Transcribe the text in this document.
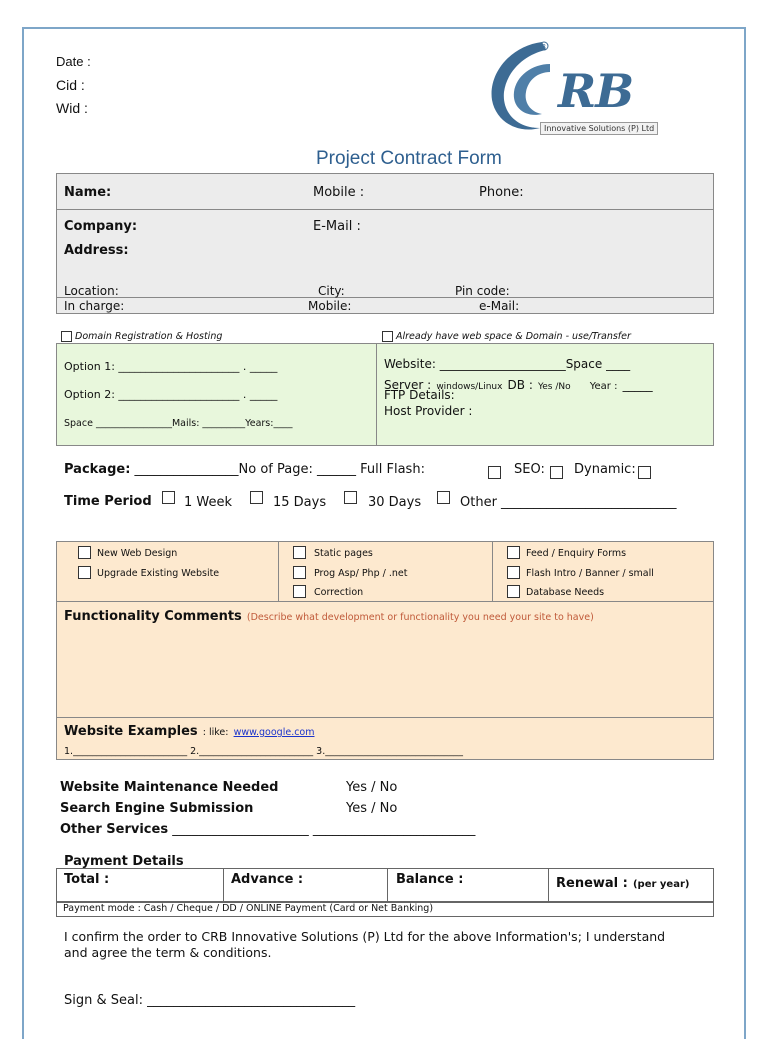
Date :
Cid :
Wid :
R
RB
Innovative Solutions (P) Ltd
Project Contract Form
Name:	Mobile :	Phone:
Company:	E-Mail :
Address:
Location:	City:	Pin code:
In charge:	Mobile:	e-Mail:
Domain Registration & Hosting	Already have web space & Domain - use/Transfer
Option 1: ______________________ . _____
Option 2: ______________________ . _____
Space ________________Mails: _________Years:____
Website: _____________________Space ____
Server : windows/Linux DB : Yes /No Year : _____
FTP Details:
Host Provider :
Package: ________________No of Page: ______ Full Flash:	SEO: Dynamic:
Time Period 1 Week	15 Days	30 Days	Other ___________________________
New Web Design
Upgrade Existing Website
Static pages
Prog Asp/ Php / .net
Correction
Feed / Enquiry Forms
Flash Intro / Banner / small
Database Needs
Functionality Comments (Describe what development or functionality you need your site to have)
Website Examples : like: www.google.com
1.________________________ 2.________________________ 3._____________________________
Website Maintenance Needed	Yes / No
Search Engine Submission	Yes / No
Other Services _____________________ _________________________
Payment Details
Total :	Advance :	Balance :	Renewal : (per year)
Payment mode : Cash / Cheque / DD / ONLINE Payment (Card or Net Banking)
I confirm the order to CRB Innovative Solutions (P) Ltd for the above Information's; I understand
and agree the term & conditions.
Sign & Seal: ________________________________
